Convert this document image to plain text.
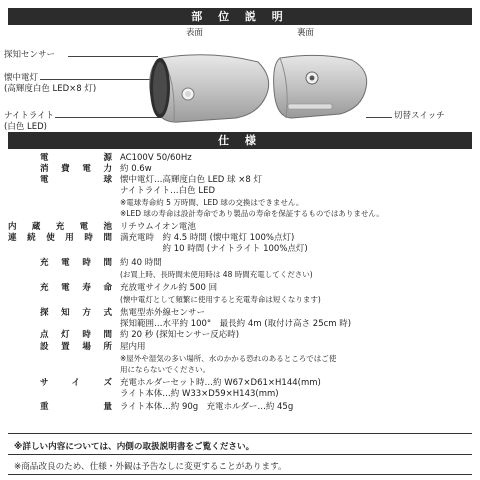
部 位 説 明
表面	裏面
探知センサー
懐中電灯
(高輝度白色 LED×8 灯)
ナイトライト
(白色 LED)
切替スイッチ
仕 様
電源 AC100V 50/60Hz
消費電力 約 0.6w
電球 懐中電灯…高輝度白色 LED 球 ×8 灯
ナイトライト…白色 LED
※電球寿命約 5 万時間、LED 球の交換はできません。
※LED 球の寿命は設計寿命であり製品の寿命を保証するものではありません。
内蔵充電池 リチウムイオン電池
連続使用時間 満充電時　約 4.5 時間 (懐中電灯 100%点灯)
　　　　　約 10 時間 (ナイトライト 100%点灯)
充電時間 約 40 時間
(お買上時、長時間未使用時は 48 時間充電してください)
充電寿命 充放電サイクル約 500 回
(懐中電灯として頻繁に使用すると充電寿命は短くなります)
探知方式 焦電型赤外線センサー
探知範囲…水平約 100°　最長約 4m (取付け高さ 25cm 時)
点灯時間 約 20 秒 (探知センサー反応時)
設置場所 屋内用
※屋外や湿気の多い場所、水のかかる恐れのあるところではご使
用にならないでください。
サイズ 充電ホルダーセット時…約 W67×D61×H144(mm)
ライト本体…約 W33×D59×H143(mm)
重量 ライト本体…約 90g　充電ホルダー…約 45g
※詳しい内容については、内側の取扱説明書をご覧ください。
※商品改良のため、仕様・外観は予告なしに変更することがあります。
